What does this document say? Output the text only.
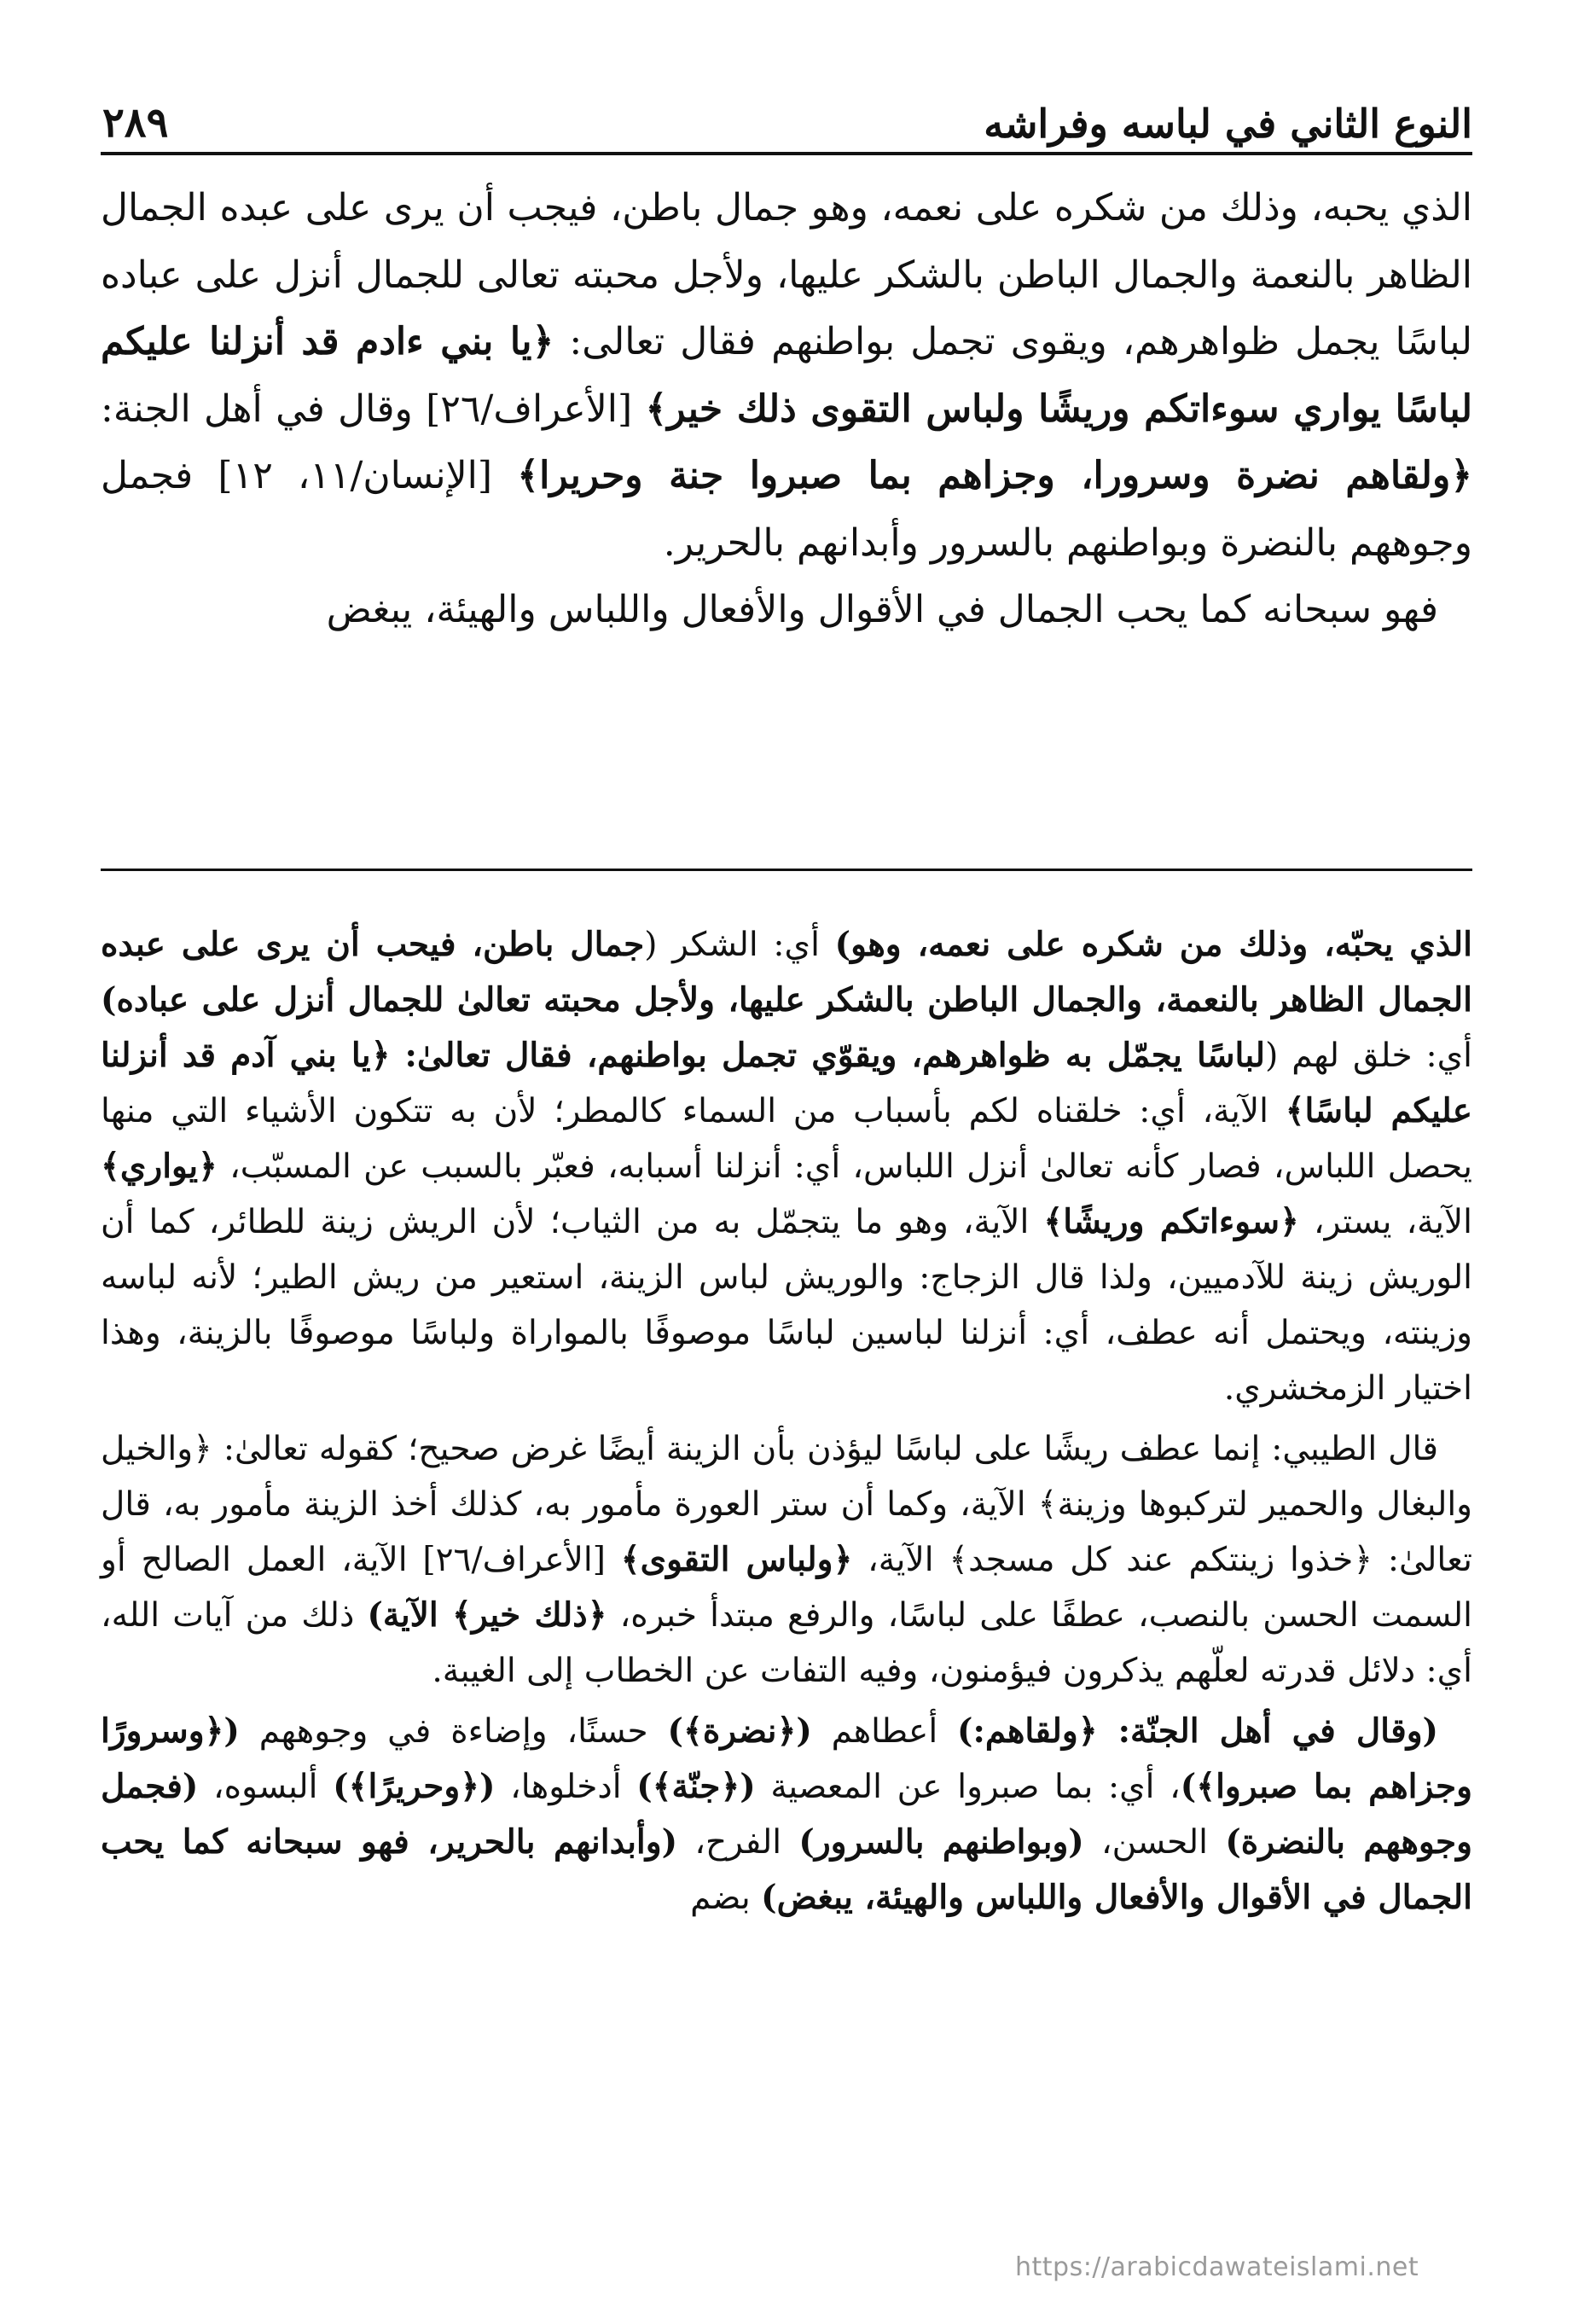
النوع الثاني في لباسه وفراشه
٢٨٩

الذي يحبه، وذلك من شكره على نعمه، وهو جمال باطن، فيجب أن يرى على عبده الجمال الظاهر بالنعمة والجمال الباطن بالشكر عليها، ولأجل محبته تعالى للجمال أنزل على عباده لباسًا يجمل ظواهرهم، ويقوى تجمل بواطنهم فقال تعالى: ﴿يا بني ءادم قد أنزلنا عليكم لباسًا يواري سوءاتكم وريشًا ولباس التقوى ذلك خير﴾ [الأعراف/٢٦] وقال في أهل الجنة: ﴿ولقاهم نضرة وسرورا، وجزاهم بما صبروا جنة وحريرا﴾ [الإنسان/١١، ١٢] فجمل وجوههم بالنضرة وبواطنهم بالسرور وأبدانهم بالحرير.

فهو سبحانه كما يحب الجمال في الأقوال والأفعال واللباس والهيئة، يبغض

الذي يحبّه، وذلك من شكره على نعمه، وهو) أي: الشكر (جمال باطن، فيحب أن يرى على عبده الجمال الظاهر بالنعمة، والجمال الباطن بالشكر عليها، ولأجل محبته تعالىٰ للجمال أنزل على عباده) أي: خلق لهم (لباسًا يجمّل به ظواهرهم، ويقوّي تجمل بواطنهم، فقال تعالىٰ: ﴿يا بني آدم قد أنزلنا عليكم لباسًا﴾ الآية، أي: خلقناه لكم بأسباب من السماء كالمطر؛ لأن به تتكون الأشياء التي منها يحصل اللباس، فصار كأنه تعالىٰ أنزل اللباس، أي: أنزلنا أسبابه، فعبّر بالسبب عن المسبّب، ﴿يواري﴾ الآية، يستر، ﴿سوءاتكم وريشًا﴾ الآية، وهو ما يتجمّل به من الثياب؛ لأن الريش زينة للطائر، كما أن الوريش زينة للآدميين، ولذا قال الزجاج: والوريش لباس الزينة، استعير من ريش الطير؛ لأنه لباسه وزينته، ويحتمل أنه عطف، أي: أنزلنا لباسين لباسًا موصوفًا بالمواراة ولباسًا موصوفًا بالزينة، وهذا اختيار الزمخشري.

قال الطيبي: إنما عطف ريشًا على لباسًا ليؤذن بأن الزينة أيضًا غرض صحيح؛ كقوله تعالىٰ: ﴿والخيل والبغال والحمير لتركبوها وزينة﴾ الآية، وكما أن ستر العورة مأمور به، كذلك أخذ الزينة مأمور به، قال تعالىٰ: ﴿خذوا زينتكم عند كل مسجد﴾ الآية، ﴿ولباس التقوى﴾ [الأعراف/٢٦] الآية، العمل الصالح أو السمت الحسن بالنصب، عطفًا على لباسًا، والرفع مبتدأ خبره، ﴿ذلك خير﴾ الآية) ذلك من آيات الله، أي: دلائل قدرته لعلّهم يذكرون فيؤمنون، وفيه التفات عن الخطاب إلى الغيبة.

(وقال في أهل الجنّة: ﴿ولقاهم:) أعطاهم (﴿نضرة﴾) حسنًا، وإضاءة في وجوههم (﴿وسرورًا وجزاهم بما صبروا﴾)، أي: بما صبروا عن المعصية (﴿جنّة﴾) أدخلوها، (﴿وحريرًا﴾) ألبسوه، (فجمل وجوههم بالنضرة) الحسن، (وبواطنهم بالسرور) الفرح، (وأبدانهم بالحرير، فهو سبحانه كما يحب الجمال في الأقوال والأفعال واللباس والهيئة، يبغض) بضم

https://arabicdawateislami.net
